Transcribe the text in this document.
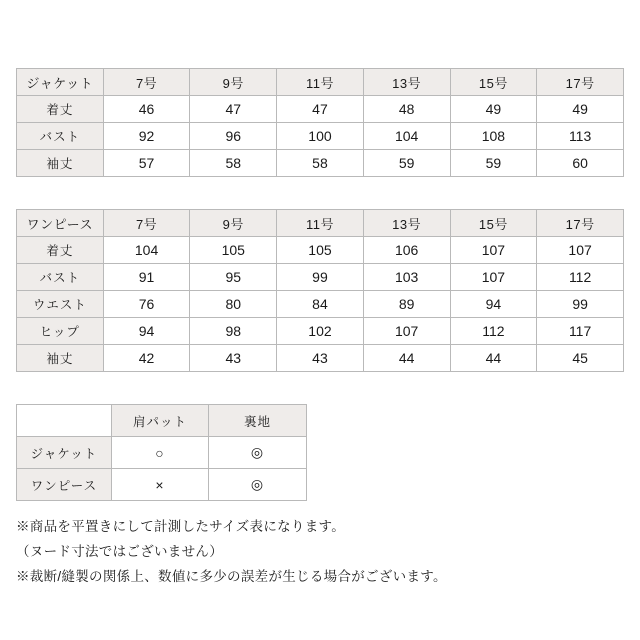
ジャケット	7号	9号	11号	13号	15号	17号
着丈	46	47	47	48	49	49
バスト	92	96	100	104	108	113
袖丈	57	58	58	59	59	60
ワンピース	7号	9号	11号	13号	15号	17号
着丈	104	105	105	106	107	107
バスト	91	95	99	103	107	112
ウエスト	76	80	84	89	94	99
ヒップ	94	98	102	107	112	117
袖丈	42	43	43	44	44	45
	肩パット	裏地
ジャケット	○	◎
ワンピース	×	◎

※商品を平置きにして計測したサイズ表になります。

（ヌード寸法ではございません）

※裁断/縫製の関係上、数値に多少の誤差が生じる場合がございます。
